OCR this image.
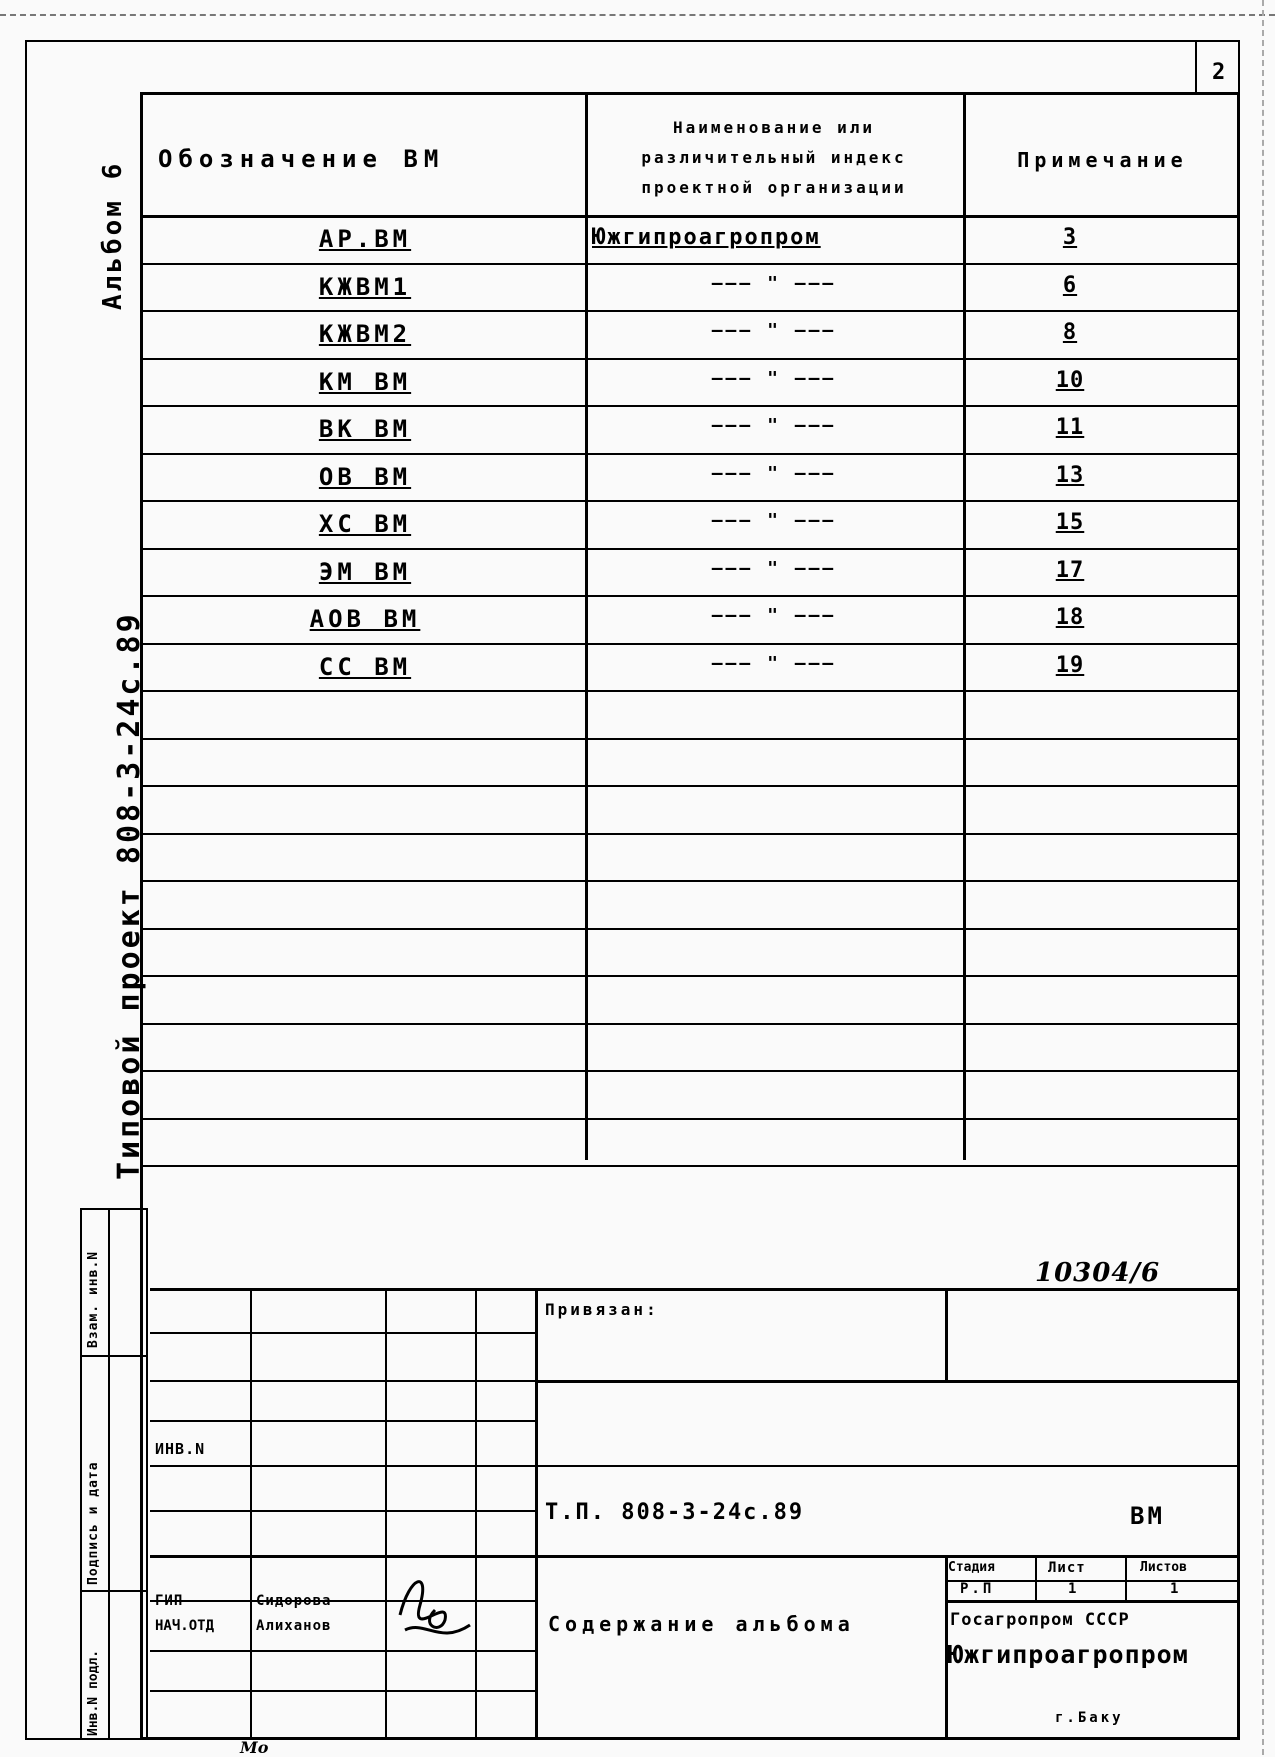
2
Альбом 6
Типовой проект 808-3-24с.89
Обозначение ВМ
Наименование или
различительный индекс
проектной организации
Примечание
АР.ВМ	Южгипроагропром	3
КЖВМ1	——— " ———	6
КЖВМ2	——— " ———	8
КМ ВМ	——— " ———	10
ВК ВМ	——— " ———	11
ОВ ВМ	——— " ———	13
ХС ВМ	——— " ———	15
ЭМ ВМ	——— " ———	17
АОВ ВМ	——— " ———	18
СС ВМ	——— " ———	19
10304/6
Привязан:
ИНВ.N
Т.П. 808-3-24с.89	ВМ
Содержание альбома
ГИП	Сидорова
НАЧ.ОТД	Алиханов
Стадия	Лист	Листов
Р.П	1	1
Госагропром СССР
Южгипроагропром
г.Баку
Взам. инв.N
Подпись и дата
Инв.N подл.
Мо
